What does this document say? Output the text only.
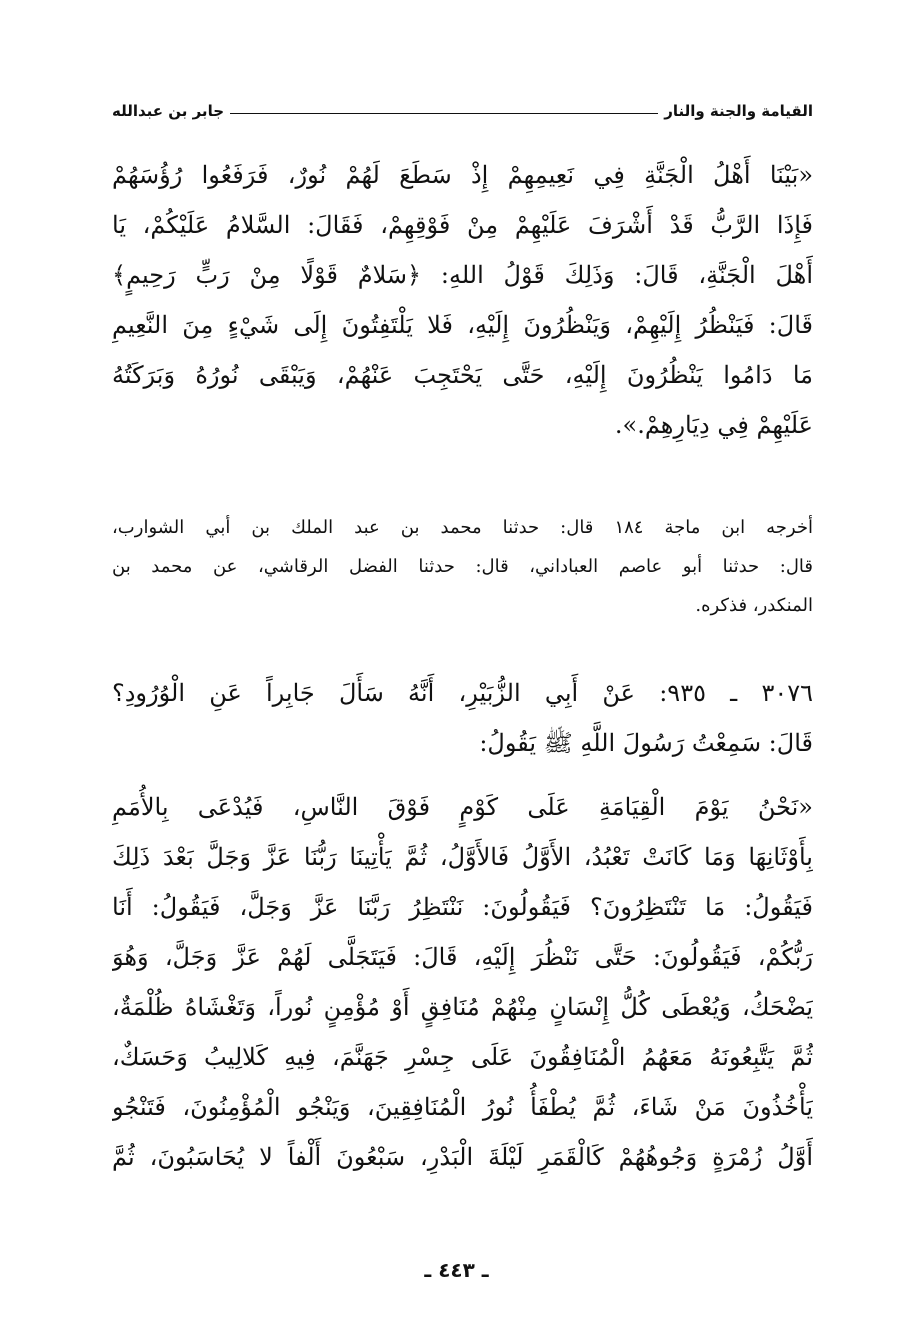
القيامة والجنة والنار
جابر بن عبدالله
«بَيْنَا أَهْلُ الْجَنَّةِ فِي نَعِيمِهِمْ إِذْ سَطَعَ لَهُمْ نُورٌ، فَرَفَعُوا رُؤُسَهُمْ
فَإِذَا الرَّبُّ قَدْ أَشْرَفَ عَلَيْهِمْ مِنْ فَوْقِهِمْ، فَقَالَ: السَّلامُ عَلَيْكُمْ، يَا
أَهْلَ الْجَنَّةِ، قَالَ: وَذَلِكَ قَوْلُ اللهِ: ﴿سَلامٌ قَوْلًا مِنْ رَبٍّ رَحِيمٍ﴾
قَالَ: فَيَنْظُرُ إِلَيْهِمْ، وَيَنْظُرُونَ إِلَيْهِ، فَلا يَلْتَفِتُونَ إِلَى شَيْءٍ مِنَ النَّعِيمِ
مَا دَامُوا يَنْظُرُونَ إِلَيْهِ، حَتَّى يَحْتَجِبَ عَنْهُمْ، وَيَبْقَى نُورُهُ وَبَرَكَتُهُ
عَلَيْهِمْ فِي دِيَارِهِمْ.».
أخرجه ابن ماجة ١٨٤ قال: حدثنا محمد بن عبد الملك بن أبي الشوارب،
قال: حدثنا أبو عاصم العباداني، قال: حدثنا الفضل الرقاشي، عن محمد بن
المنكدر، فذكره.
٣٠٧٦ ـ ٩٣٥: عَنْ أَبِي الزُّبَيْرِ، أَنَّهُ سَأَلَ جَابِراً عَنِ الْوُرُودِ؟
قَالَ: سَمِعْتُ رَسُولَ اللَّهِ ﷺ يَقُولُ:
«نَحْنُ يَوْمَ الْقِيَامَةِ عَلَى كَوْمٍ فَوْقَ النَّاسِ، فَيُدْعَى بِالأُمَمِ
بِأَوْثَانِهَا وَمَا كَانَتْ تَعْبُدُ، الأَوَّلُ فَالأَوَّلُ، ثُمَّ يَأْتِينَا رَبُّنَا عَزَّ وَجَلَّ بَعْدَ ذَلِكَ
فَيَقُولُ: مَا تَنْتَظِرُونَ؟ فَيَقُولُونَ: نَنْتَظِرُ رَبَّنَا عَزَّ وَجَلَّ، فَيَقُولُ: أَنَا
رَبُّكُمْ، فَيَقُولُونَ: حَتَّى نَنْظُرَ إِلَيْهِ، قَالَ: فَيَتَجَلَّى لَهُمْ عَزَّ وَجَلَّ، وَهُوَ
يَضْحَكُ، وَيُعْطَى كُلُّ إِنْسَانٍ مِنْهُمْ مُنَافِقٍ أَوْ مُؤْمِنٍ نُوراً، وَتَغْشَاهُ ظُلْمَةٌ،
ثُمَّ يَتَّبِعُونَهُ مَعَهُمُ الْمُنَافِقُونَ عَلَى جِسْرِ جَهَنَّمَ، فِيهِ كَلالِيبُ وَحَسَكٌ،
يَأْخُذُونَ مَنْ شَاءَ، ثُمَّ يُطْفَأُ نُورُ الْمُنَافِقِينَ، وَيَنْجُو الْمُؤْمِنُونَ، فَتَنْجُو
أَوَّلُ زُمْرَةٍ وَجُوهُهُمْ كَالْقَمَرِ لَيْلَةَ الْبَدْرِ، سَبْعُونَ أَلْفاً لا يُحَاسَبُونَ، ثُمَّ
ـ ٤٤٣ ـ
